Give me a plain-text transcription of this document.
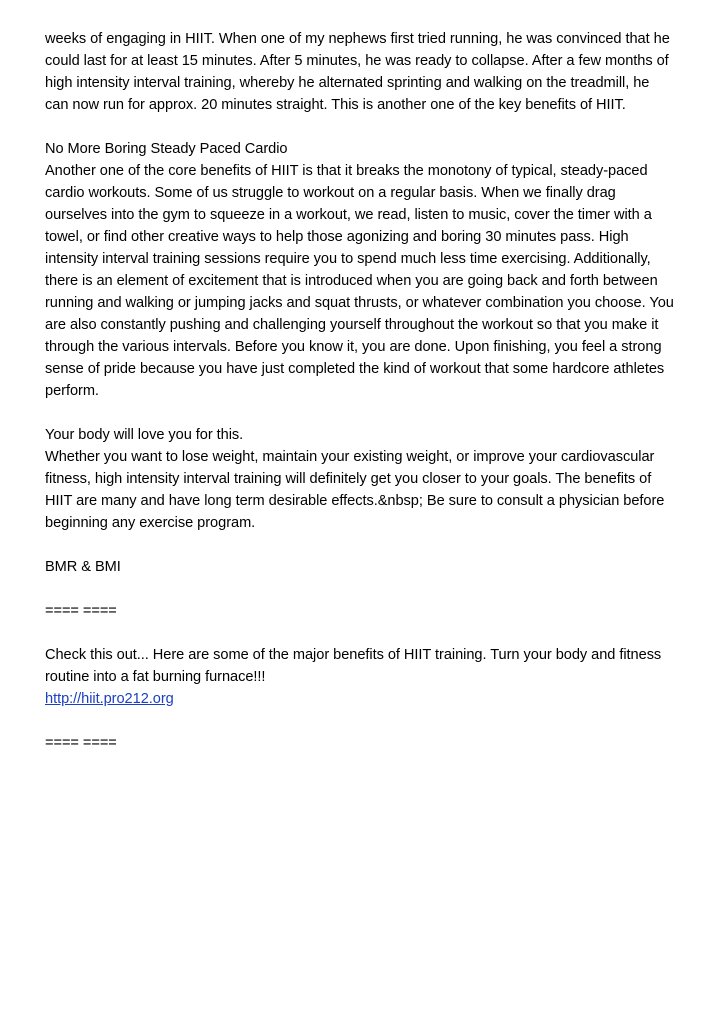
weeks of engaging in HIIT. When one of my nephews first tried running, he was convinced that he
could last for at least 15 minutes. After 5 minutes, he was ready to collapse. After a few months of
high intensity interval training, whereby he alternated sprinting and walking on the treadmill, he
can now run for approx. 20 minutes straight. This is another one of the key benefits of HIIT.
No More Boring Steady Paced Cardio
Another one of the core benefits of HIIT is that it breaks the monotony of typical, steady-paced
cardio workouts. Some of us struggle to workout on a regular basis. When we finally drag
ourselves into the gym to squeeze in a workout, we read, listen to music, cover the timer with a
towel, or find other creative ways to help those agonizing and boring 30 minutes pass. High
intensity interval training sessions require you to spend much less time exercising. Additionally,
there is an element of excitement that is introduced when you are going back and forth between
running and walking or jumping jacks and squat thrusts, or whatever combination you choose. You
are also constantly pushing and challenging yourself throughout the workout so that you make it
through the various intervals. Before you know it, you are done. Upon finishing, you feel a strong
sense of pride because you have just completed the kind of workout that some hardcore athletes
perform.
Your body will love you for this.
Whether you want to lose weight, maintain your existing weight, or improve your cardiovascular
fitness, high intensity interval training will definitely get you closer to your goals. The benefits of
HIIT are many and have long term desirable effects.&nbsp; Be sure to consult a physician before
beginning any exercise program.
BMR & BMI
==== ====
Check this out... Here are some of the major benefits of HIIT training. Turn your body and fitness
routine into a fat burning furnace!!!
http://hiit.pro212.org
==== ====
